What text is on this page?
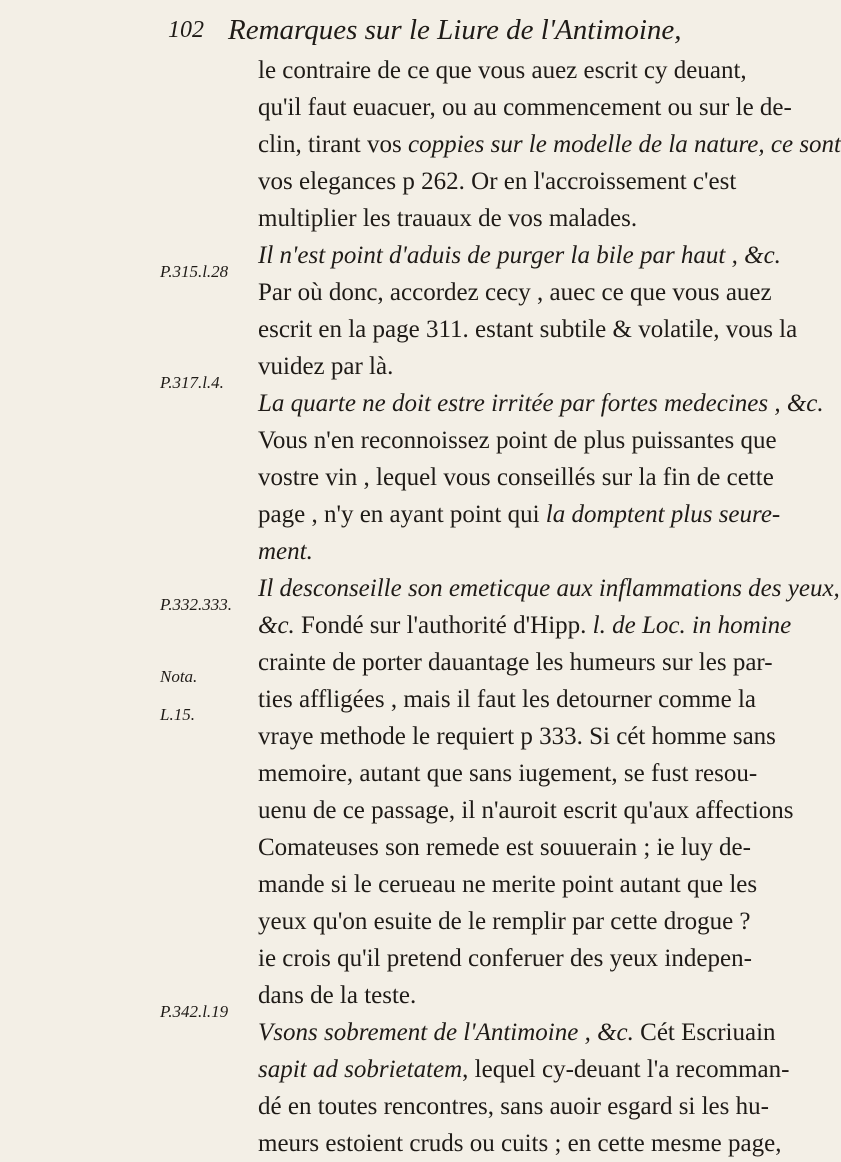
102 Remarques sur le Liure de l'Antimoine,
P.315.l.28
P.317.l.4.
P.332.333.
Nota.
L.15.
P.342.l.19
le contraire de ce que vous auez escrit cy deuant,
qu'il faut euacuer, ou au commencement ou sur le de-
clin, tirant vos coppies sur le modelle de la nature, ce sont
vos elegances p 262. Or en l'accroissement c'est
multiplier les trauaux de vos malades.
Il n'est point d'aduis de purger la bile par haut , &c.
Par où donc, accordez cecy , auec ce que vous auez
escrit en la page 311. estant subtile & volatile, vous la
vuidez par là.
La quarte ne doit estre irritée par fortes medecines , &c.
Vous n'en reconnoissez point de plus puissantes que
vostre vin , lequel vous conseillés sur la fin de cette
page , n'y en ayant point qui la domptent plus seure-
ment.
Il desconseille son emeticque aux inflammations des yeux,
&c. Fondé sur l'authorité d'Hipp. l. de Loc. in homine
crainte de porter dauantage les humeurs sur les par-
ties affligées , mais il faut les detourner comme la
vraye methode le requiert p 333. Si cét homme sans
memoire, autant que sans iugement, se fust resou-
uenu de ce passage, il n'auroit escrit qu'aux affections
Comateuses son remede est souuerain ; ie luy de-
mande si le cerueau ne merite point autant que les
yeux qu'on esuite de le remplir par cette drogue ?
ie crois qu'il pretend conferuer des yeux indepen-
dans de la teste.
Vsons sobrement de l'Antimoine , &c. Cét Escriuain
sapit ad sobrietatem, lequel cy-deuant l'a recomman-
dé en toutes rencontres, sans auoir esgard si les hu-
meurs estoient cruds ou cuits ; en cette mesme page,
